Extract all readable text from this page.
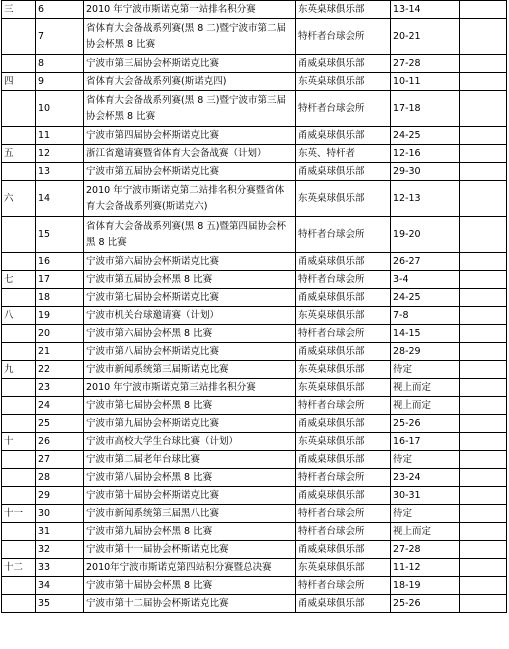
三	6	2010 年宁波市斯诺克第一站排名积分赛	东英桌球俱乐部	13-14	
	7	省体育大会备战系列赛(黑 8 二)暨宁波市第二届协会杯黑 8 比赛	特杆者台球会所	20-21	
	8	宁波市第三届协会杯斯诺克比赛	甬威桌球俱乐部	27-28	
四	9	省体育大会备战系列赛(斯诺克四)	东英桌球俱乐部	10-11	
	10	省体育大会备战系列赛(黑 8 三)暨宁波市第三届协会杯黑 8 比赛	特杆者台球会所	17-18	
	11	宁波市第四届协会杯斯诺克比赛	甬威桌球俱乐部	24-25	
五	12	浙江省邀请赛暨省体育大会备战赛（计划）	东英、特杆者	12-16	
	13	宁波市第五届协会杯斯诺克比赛	甬威桌球俱乐部	29-30	
六	14	2010 年宁波市斯诺克第二站排名积分赛暨省体育大会备战系列赛(斯诺克六)	东英桌球俱乐部	12-13	
	15	省体育大会备战系列赛(黑 8 五)暨第四届协会杯黑 8 比赛	特杆者台球会所	19-20	
	16	宁波市第六届协会杯斯诺克比赛	甬威桌球俱乐部	26-27	
七	17	宁波市第五届协会杯黑 8 比赛	特杆者台球会所	3-4	
	18	宁波市第七届协会杯斯诺克比赛	甬威桌球俱乐部	24-25	
八	19	宁波市机关台球邀请赛（计划）	东英桌球俱乐部	7-8	
	20	宁波市第六届协会杯黑 8 比赛	特杆者台球会所	14-15	
	21	宁波市第八届协会杯斯诺克比赛	甬威桌球俱乐部	28-29	
九	22	宁波市新闻系统第三届斯诺克比赛	东英桌球俱乐部	待定	
	23	2010 年宁波市斯诺克第三站排名积分赛	东英桌球俱乐部	视上而定	
	24	宁波市第七届协会杯黑 8 比赛	特杆者台球会所	视上而定	
	25	宁波市第九届协会杯斯诺克比赛	甬威桌球俱乐部	25-26	
十	26	宁波市高校大学生台球比赛（计划）	东英桌球俱乐部	16-17	
	27	宁波市第二届老年台球比赛	甬威桌球俱乐部	待定	
	28	宁波市第八届协会杯黑 8 比赛	特杆者台球会所	23-24	
	29	宁波市第十届协会杯斯诺克比赛	甬威桌球俱乐部	30-31	
十一	30	宁波市新闻系统第三届黑八比赛	特杆者台球会所	待定	
	31	宁波市第九届协会杯黑 8 比赛	特杆者台球会所	视上而定	
	32	宁波市第十一届协会杯斯诺克比赛	甬威桌球俱乐部	27-28	
十二	33	2010年宁波市斯诺克第四站积分赛暨总决赛	东英桌球俱乐部	11-12	
	34	宁波市第十届协会杯黑 8 比赛	特杆者台球会所	18-19	
	35	宁波市第十二届协会杯斯诺克比赛	甬威桌球俱乐部	25-26	
